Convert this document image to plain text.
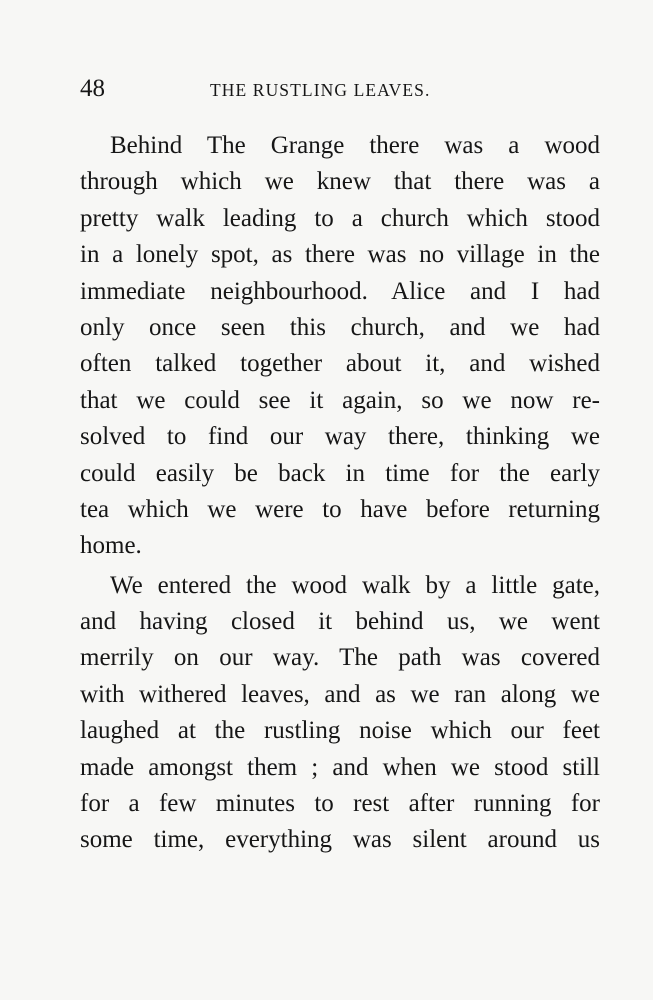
48	THE RUSTLING LEAVES.

Behind The Grange there was a wood
through which we knew that there was a
pretty walk leading to a church which stood
in a lonely spot, as there was no village in the
immediate neighbourhood. Alice and I had
only once seen this church, and we had
often talked together about it, and wished
that we could see it again, so we now re-
solved to find our way there, thinking we
could easily be back in time for the early
tea which we were to have before returning
home.

We entered the wood walk by a little gate,
and having closed it behind us, we went
merrily on our way. The path was covered
with withered leaves, and as we ran along we
laughed at the rustling noise which our feet
made amongst them ; and when we stood still
for a few minutes to rest after running for
some time, everything was silent around us
